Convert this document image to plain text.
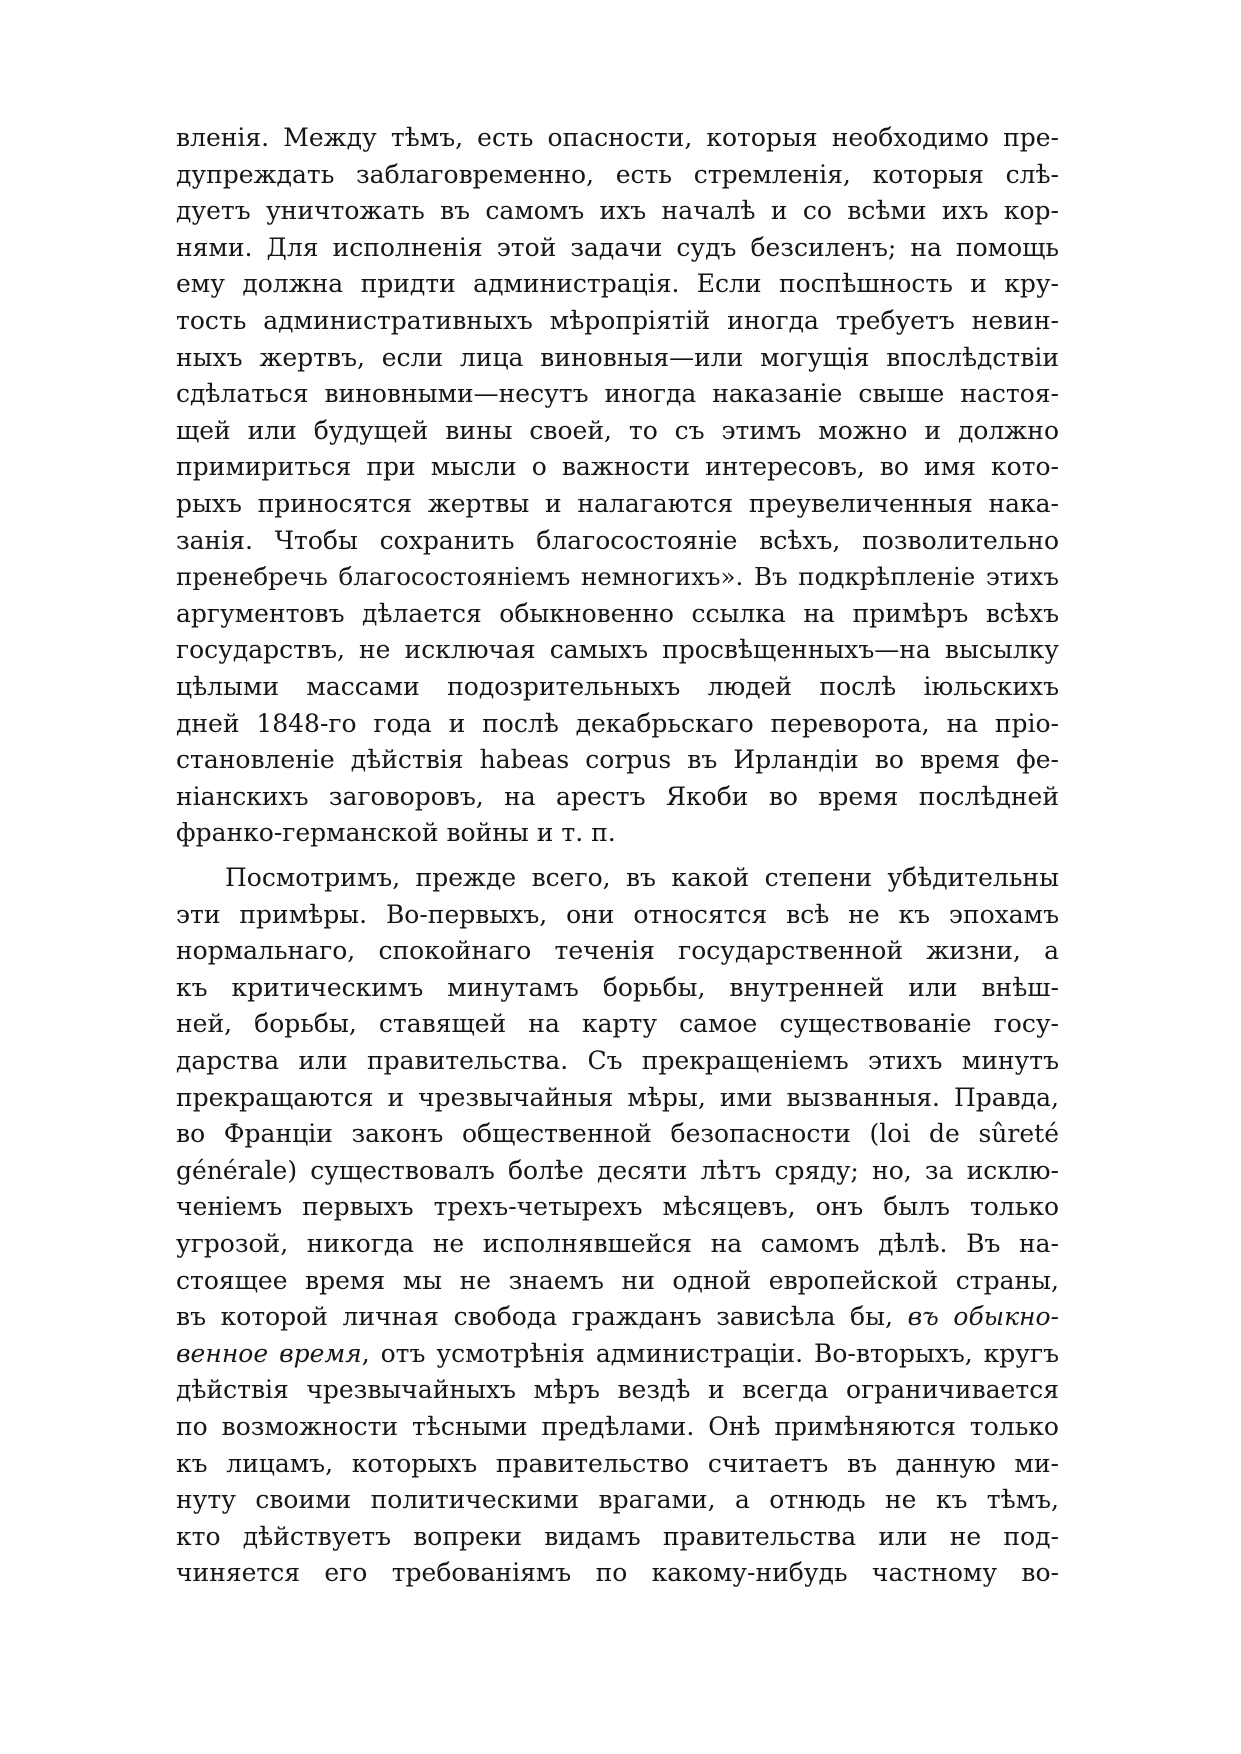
вленія. Между тѣмъ, есть опасности, которыя необходимо пре-
дупреждать заблаговременно, есть стремленія, которыя слѣ-
дуетъ уничтожать въ самомъ ихъ началѣ и со всѣми ихъ кор-
нями. Для исполненія этой задачи судъ безсиленъ; на помощь
ему должна придти администрація. Если поспѣшность и кру-
тость административныхъ мѣропріятій иногда требуетъ невин-
ныхъ жертвъ, если лица виновныя—или могущія впослѣдствіи
сдѣлаться виновными—несутъ иногда наказаніе свыше настоя-
щей или будущей вины своей, то съ этимъ можно и должно
примириться при мысли о важности интересовъ, во имя кото-
рыхъ приносятся жертвы и налагаются преувеличенныя нака-
занія. Чтобы сохранить благосостояніе всѣхъ, позволительно
пренебречь благосостояніемъ немногихъ». Въ подкрѣпленіе этихъ
аргументовъ дѣлается обыкновенно ссылка на примѣръ всѣхъ
государствъ, не исключая самыхъ просвѣщенныхъ—на высылку
цѣлыми массами подозрительныхъ людей послѣ іюльскихъ
дней 1848-го года и послѣ декабрьскаго переворота, на пріо-
становленіе дѣйствія habeas corpus въ Ирландіи во время фе-
ніанскихъ заговоровъ, на арестъ Якоби во время послѣдней
франко-германской войны и т. п.
Посмотримъ, прежде всего, въ какой степени убѣдительны
эти примѣры. Во-первыхъ, они относятся всѣ не къ эпохамъ
нормальнаго, спокойнаго теченія государственной жизни, а
къ критическимъ минутамъ борьбы, внутренней или внѣш-
ней, борьбы, ставящей на карту самое существованіе госу-
дарства или правительства. Съ прекращеніемъ этихъ минутъ
прекращаются и чрезвычайныя мѣры, ими вызванныя. Правда,
во Франціи законъ общественной безопасности (loi de sûreté
générale) существовалъ болѣе десяти лѣтъ сряду; но, за исклю-
ченіемъ первыхъ трехъ-четырехъ мѣсяцевъ, онъ былъ только
угрозой, никогда не исполнявшейся на самомъ дѣлѣ. Въ на-
стоящее время мы не знаемъ ни одной европейской страны,
въ которой личная свобода гражданъ зависѣла бы, въ обыкно-
венное время, отъ усмотрѣнія администраціи. Во-вторыхъ, кругъ
дѣйствія чрезвычайныхъ мѣръ вездѣ и всегда ограничивается
по возможности тѣсными предѣлами. Онѣ примѣняются только
къ лицамъ, которыхъ правительство считаетъ въ данную ми-
нуту своими политическими врагами, а отнюдь не къ тѣмъ,
кто дѣйствуетъ вопреки видамъ правительства или не под-
чиняется его требованіямъ по какому-нибудь частному во-
